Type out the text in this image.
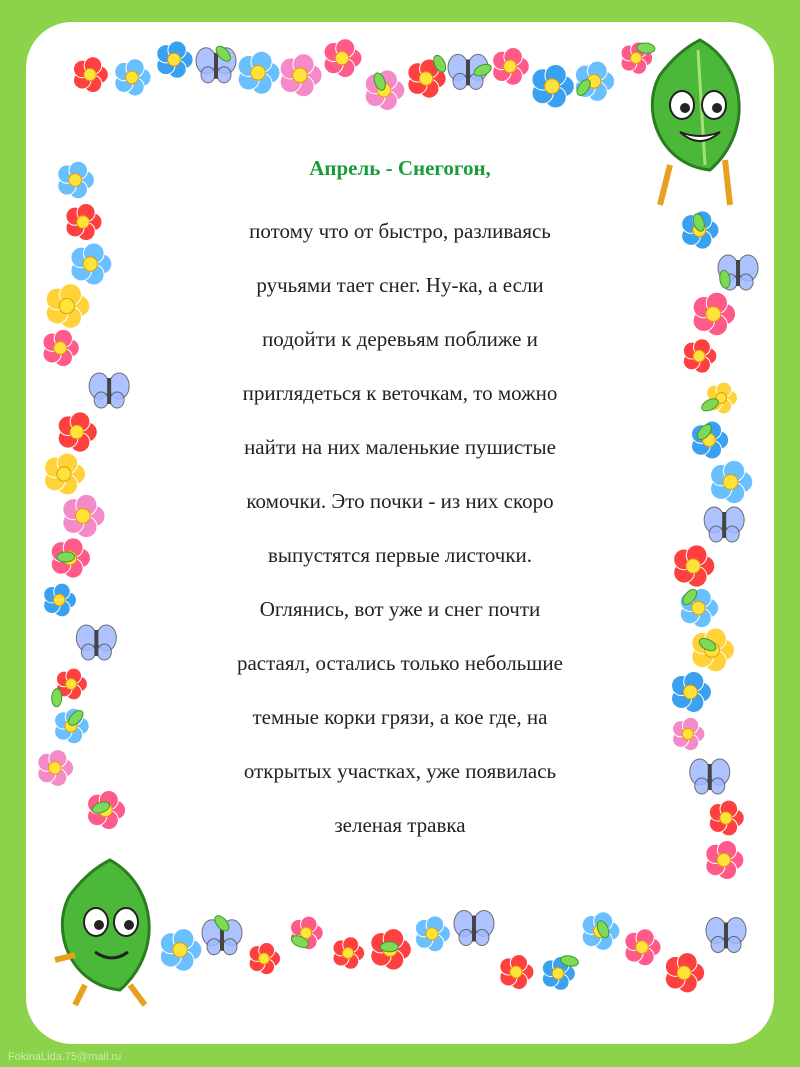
Апрель - Снегогон,
потому что от быстро, разливаясь
ручьями тает снег. Ну-ка, а если
подойти к деревьям поближе и
приглядеться к веточкам, то можно
найти на них маленькие пушистые
комочки. Это почки - из них скоро
выпустятся первые листочки.
Оглянись, вот уже и снег почти
растаял, остались только небольшие
темные корки грязи, а кое где, на
открытых участках, уже появилась
зеленая травка
FokinaLida.75@mail.ru
